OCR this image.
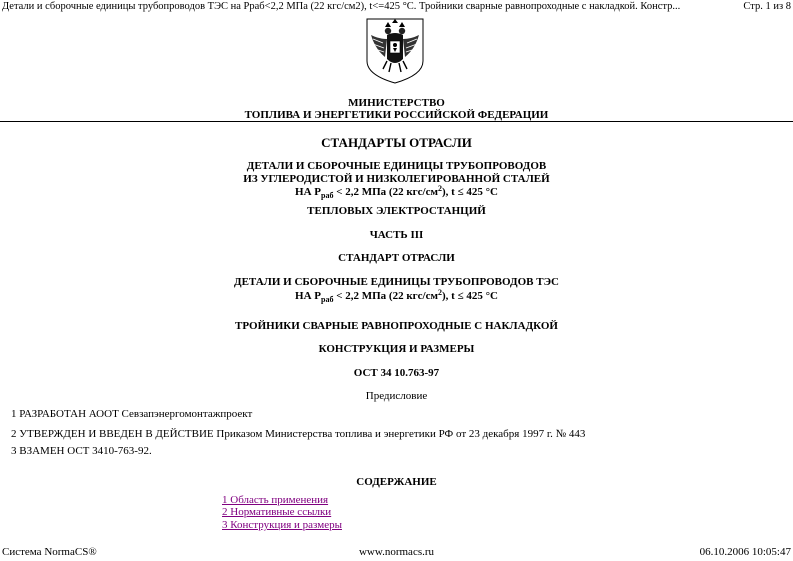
Детали и сборочные единицы трубопроводов ТЭС на Рраб<2,2 МПа (22 кгс/см2), t<=425 °С. Тройники сварные равнопроходные с накладкой. Констр...	Стр. 1 из 8
МИНИСТЕРСТВО
ТОПЛИВА И ЭНЕРГЕТИКИ РОССИЙСКОЙ ФЕДЕРАЦИИ
СТАНДАРТЫ ОТРАСЛИ
ДЕТАЛИ И СБОРОЧНЫЕ ЕДИНИЦЫ ТРУБОПРОВОДОВ
ИЗ УГЛЕРОДИСТОЙ И НИЗКОЛЕГИРОВАННОЙ СТАЛЕЙ
НА $Р_{раб} < 2,2$ МПа (22 кгс/$см^2$), t ≤ 425 °С
ТЕПЛОВЫХ ЭЛЕКТРОСТАНЦИЙ
ЧАСТЬ III
СТАНДАРТ ОТРАСЛИ
ДЕТАЛИ И СБОРОЧНЫЕ ЕДИНИЦЫ ТРУБОПРОВОДОВ ТЭС
НА $Р_{раб} < 2,2$ МПа (22 кгс/$см^2$), t ≤ 425 °С
ТРОЙНИКИ СВАРНЫЕ РАВНОПРОХОДНЫЕ С НАКЛАДКОЙ
КОНСТРУКЦИЯ И РАЗМЕРЫ
ОСТ 34 10.763-97
Предисловие
1 РАЗРАБОТАН АООТ Севзапэнергомонтажпроект
2 УТВЕРЖДЕН И ВВЕДЕН В ДЕЙСТВИЕ Приказом Министерства топлива и энергетики РФ от 23 декабря 1997 г. № 443
3 ВЗАМЕН ОСТ 3410-763-92.
СОДЕРЖАНИЕ
1 Область применения
2 Нормативные ссылки
3 Конструкция и размеры
Система NormaCS®	www.normacs.ru	06.10.2006 10:05:47
